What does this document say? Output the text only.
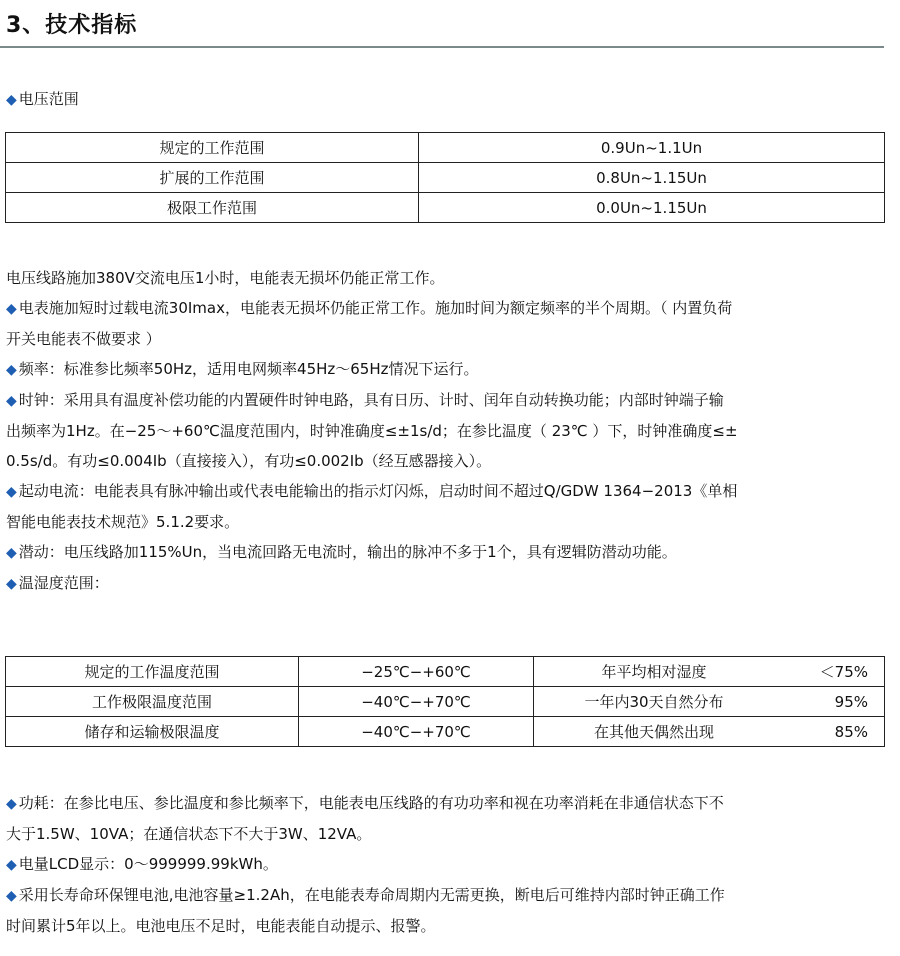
3、技术指标
◆ 电压范围
规定的工作范围	0.9Un~1.1Un
扩展的工作范围	0.8Un~1.15Un
极限工作范围	0.0Un~1.15Un
电压线路施加380V交流电压1小时，电能表无损坏仍能正常工作。
◆ 电表施加短时过载电流30Imax，电能表无损坏仍能正常工作。施加时间为额定频率的半个周期。（ 内置负荷
开关电能表不做要求 ）
◆ 频率：标准参比频率50Hz，适用电网频率45Hz～65Hz情况下运行。
◆ 时钟：采用具有温度补偿功能的内置硬件时钟电路，具有日历、计时、闰年自动转换功能；内部时钟端子输
出频率为1Hz。在−25～+60℃温度范围内，时钟准确度≤±1s/d；在参比温度（ 23℃ ）下，时钟准确度≤±
0.5s/d。有功≤0.004Ib（直接接入），有功≤0.002Ib（经互感器接入）。
◆ 起动电流：电能表具有脉冲输出或代表电能输出的指示灯闪烁，启动时间不超过Q/GDW 1364−2013《单相
智能电能表技术规范》5.1.2要求。
◆ 潜动：电压线路加115%Un，当电流回路无电流时，输出的脉冲不多于1个，具有逻辑防潜动功能。
◆ 温湿度范围：
规定的工作温度范围	−25℃−+60℃	年平均相对湿度	＜75%
工作极限温度范围	−40℃−+70℃	一年内30天自然分布	95%
储存和运输极限温度	−40℃−+70℃	在其他天偶然出现	85%
◆ 功耗：在参比电压、参比温度和参比频率下，电能表电压线路的有功功率和视在功率消耗在非通信状态下不
大于1.5W、10VA；在通信状态下不大于3W、12VA。
◆ 电量LCD显示：0～999999.99kWh。
◆ 采用长寿命环保锂电池,电池容量≥1.2Ah，在电能表寿命周期内无需更换，断电后可维持内部时钟正确工作
时间累计5年以上。电池电压不足时，电能表能自动提示、报警。
